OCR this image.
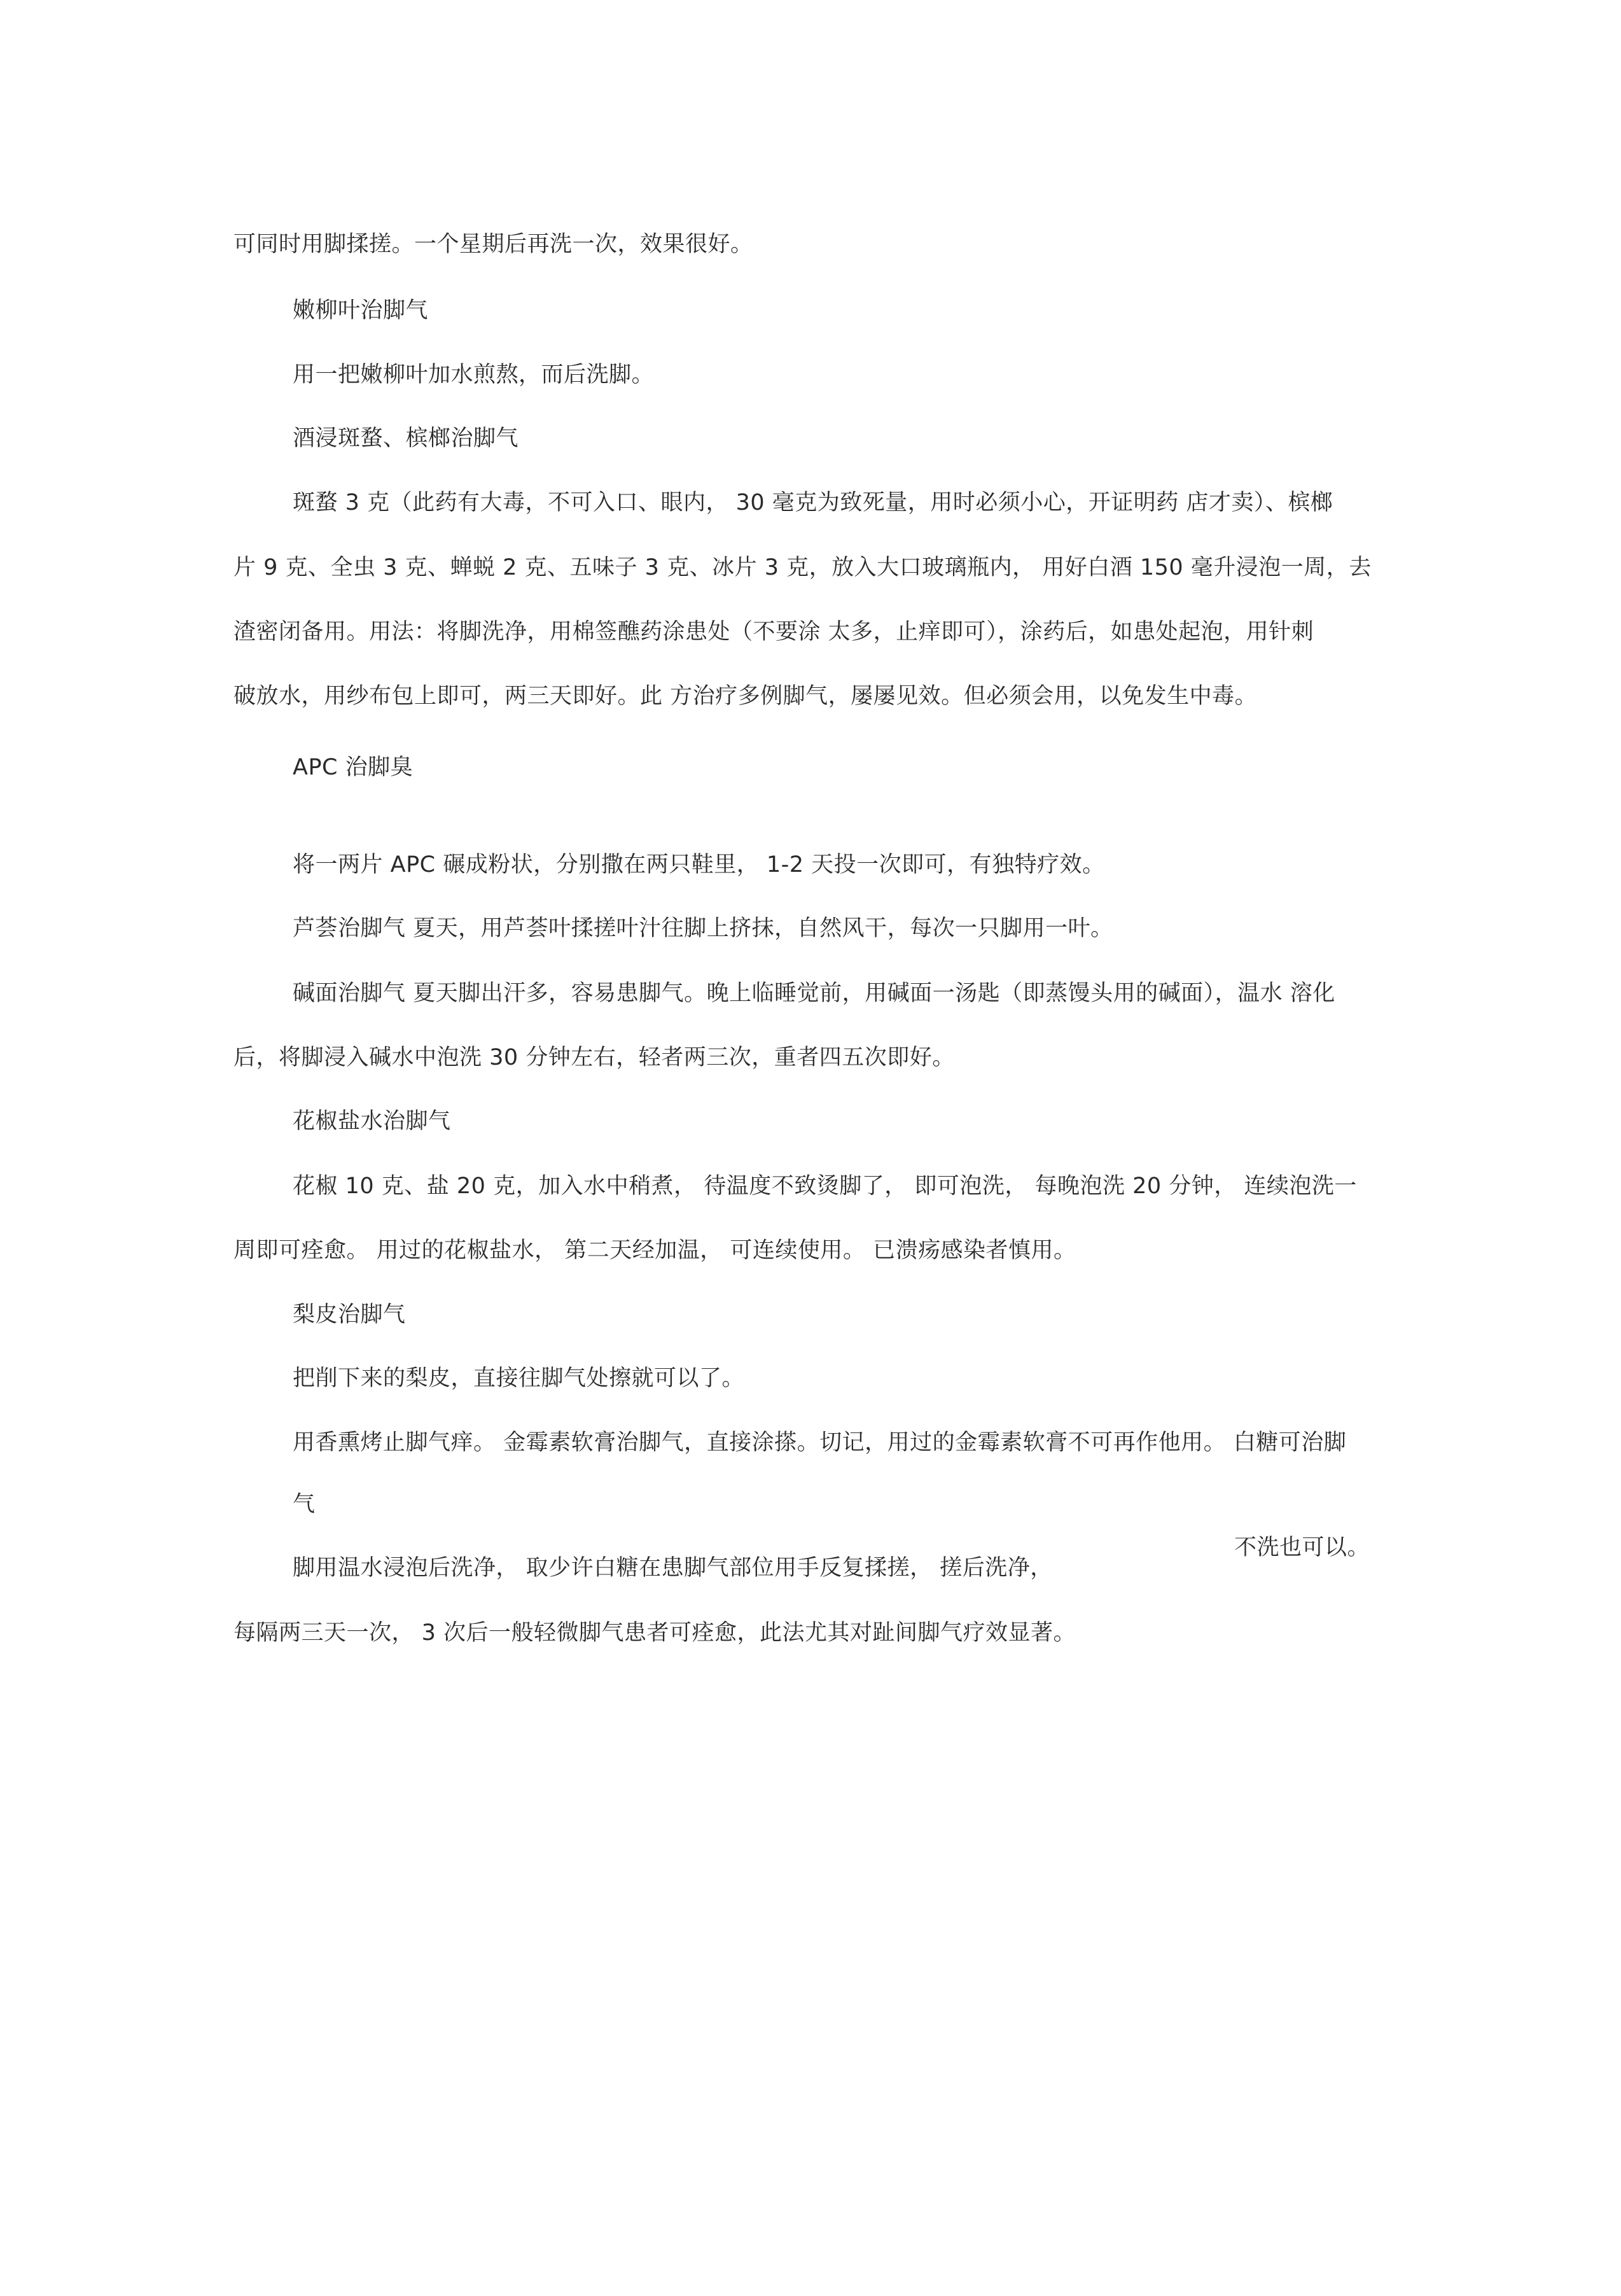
可同时用脚揉搓。一个星期后再洗一次，效果很好。
嫩柳叶治脚气
用一把嫩柳叶加水煎熬，而后洗脚。
酒浸斑蝥、槟榔治脚气
斑蝥 3 克（此药有大毒，不可入口、眼内， 30 毫克为致死量，用时必须小心，开证明药 店才卖）、槟榔
片 9 克、全虫 3 克、蝉蜕 2 克、五味子 3 克、冰片 3 克，放入大口玻璃瓶内， 用好白酒 150 毫升浸泡一周，去
渣密闭备用。用法：将脚洗净，用棉签醮药涂患处（不要涂 太多，止痒即可），涂药后，如患处起泡，用针刺
破放水，用纱布包上即可，两三天即好。此 方治疗多例脚气，屡屡见效。但必须会用，以免发生中毒。
APC 治脚臭
将一两片 APC 碾成粉状，分别撒在两只鞋里， 1-2 天投一次即可，有独特疗效。
芦荟治脚气 夏天，用芦荟叶揉搓叶汁往脚上挤抹，自然风干，每次一只脚用一叶。
碱面治脚气 夏天脚出汗多，容易患脚气。晚上临睡觉前，用碱面一汤匙（即蒸馒头用的碱面），温水 溶化
后，将脚浸入碱水中泡洗 30 分钟左右，轻者两三次，重者四五次即好。
花椒盐水治脚气
花椒 10 克、盐 20 克，加入水中稍煮， 待温度不致烫脚了， 即可泡洗， 每晚泡洗 20 分钟， 连续泡洗一
周即可痊愈。 用过的花椒盐水， 第二天经加温， 可连续使用。 已溃疡感染者慎用。
梨皮治脚气
把削下来的梨皮，直接往脚气处擦就可以了。
用香熏烤止脚气痒。 金霉素软膏治脚气，直接涂搽。切记，用过的金霉素软膏不可再作他用。 白糖可治脚
气
不洗也可以。
脚用温水浸泡后洗净， 取少许白糖在患脚气部位用手反复揉搓， 搓后洗净，
每隔两三天一次， 3 次后一般轻微脚气患者可痊愈，此法尤其对趾间脚气疗效显著。
